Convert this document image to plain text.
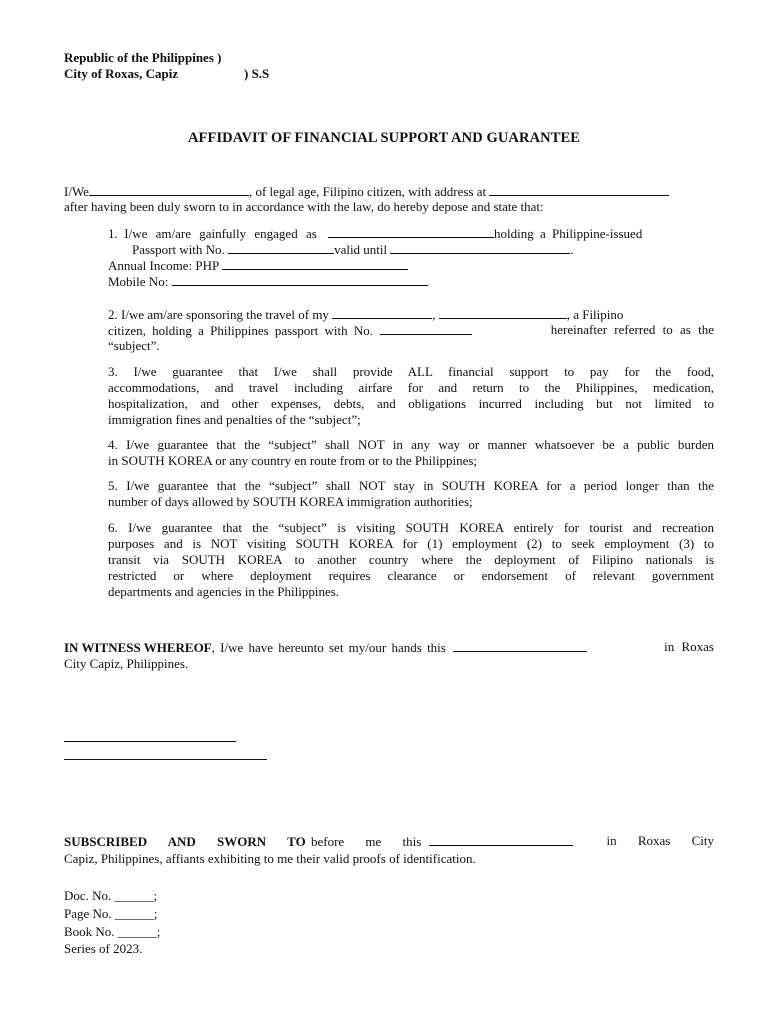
Republic of the Philippines )
City of Roxas, Capiz	) S.S
AFFIDAVIT OF FINANCIAL SUPPORT AND GUARANTEE
I/We	, of legal age, Filipino citizen, with address at
after having been duly sworn to in accordance with the law, do hereby depose and state that:
1. I/we am/are gainfully engaged as	holding a Philippine-issued
Passport with No.	valid until	.
Annual Income: PHP
Mobile No:
2. I/we am/are sponsoring the travel of my	,	, a Filipino
citizen, holding a Philippines passport with No.	hereinafter referred to as the
“subject”.
3. I/we guarantee that I/we shall provide ALL financial support to pay for the food,
accommodations, and travel including airfare for and return to the Philippines, medication,
hospitalization, and other expenses, debts, and obligations incurred including but not limited to
immigration fines and penalties of the “subject”;
4. I/we guarantee that the “subject” shall NOT in any way or manner whatsoever be a public burden
in SOUTH KOREA or any country en route from or to the Philippines;
5. I/we guarantee that the “subject” shall NOT stay in SOUTH KOREA for a period longer than the
number of days allowed by SOUTH KOREA immigration authorities;
6. I/we guarantee that the “subject” is visiting SOUTH KOREA entirely for tourist and recreation
purposes and is NOT visiting SOUTH KOREA for (1) employment (2) to seek employment (3) to
transit via SOUTH KOREA to another country where the deployment of Filipino nationals is
restricted or where deployment requires clearance or endorsement of relevant government
departments and agencies in the Philippines.
IN WITNESS WHEREOF, I/we have hereunto set my/our hands this	in Roxas
City Capiz, Philippines.
SUBSCRIBED AND SWORN TO before me this	in Roxas City
Capiz, Philippines, affiants exhibiting to me their valid proofs of identification.
Doc. No. ______;
Page No. ______;
Book No. ______;
Series of 2023.
